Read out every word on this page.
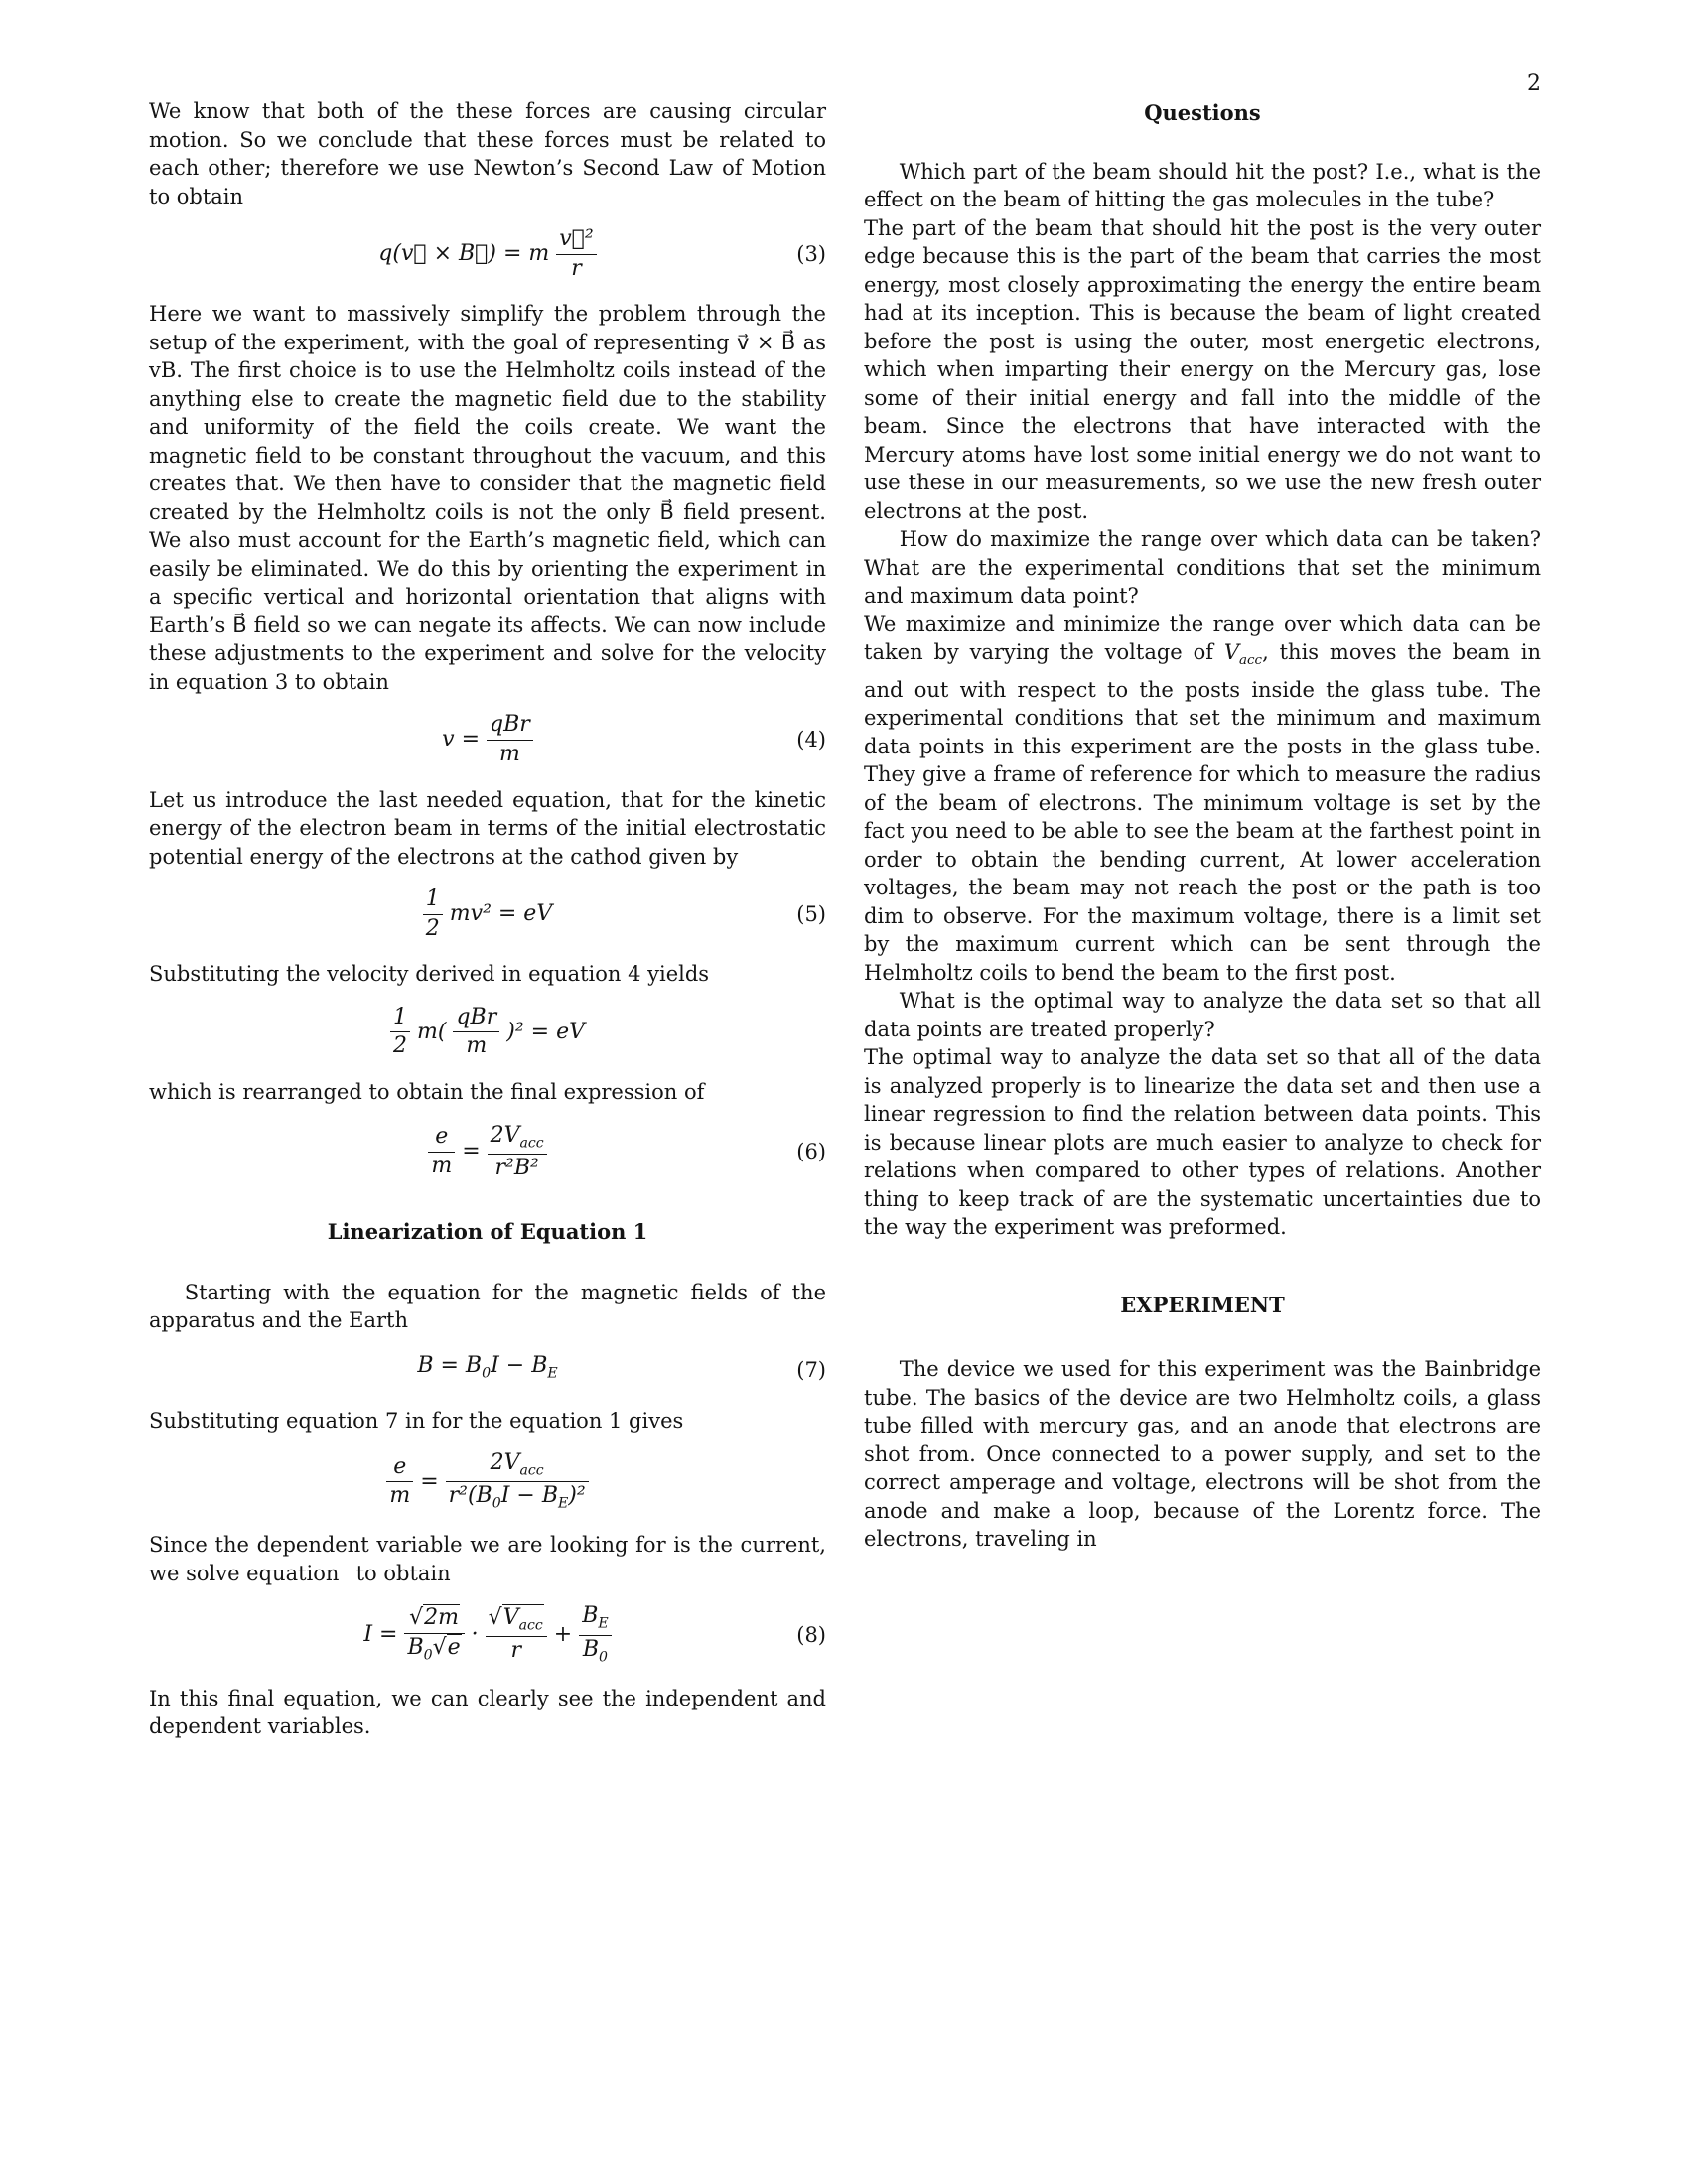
2

We know that both of the these forces are causing circular motion. So we conclude that these forces must be related to each other; therefore we use Newton’s Second Law of Motion to obtain

q(v⃗ × B⃗) = m $\frac{\text{v⃗²}}{r}$	(3)

Here we want to massively simplify the problem through the setup of the experiment, with the goal of representing v⃗ × B⃗ as vB. The first choice is to use the Helmholtz coils instead of the anything else to create the magnetic field due to the stability and uniformity of the field the coils create. We want the magnetic field to be constant throughout the vacuum, and this creates that. We then have to consider that the magnetic field created by the Helmholtz coils is not the only B⃗ field present. We also must account for the Earth’s magnetic field, which can easily be eliminated. We do this by orienting the experiment in a specific vertical and horizontal orientation that aligns with Earth’s B⃗ field so we can negate its affects. We can now include these adjustments to the experiment and solve for the velocity in equation 3 to obtain

$v = \frac{\text{qBr}}{m}$	(4)

Let us introduce the last needed equation, that for the kinetic energy of the electron beam in terms of the initial electrostatic potential energy of the electrons at the cathod given by

$\frac{1}{2} mv^2$ = eV	(5)

Substituting the velocity derived in equation 4 yields

$\frac{1}{2} m( \frac{\text{qBr}}{m} )^2$ = eV

which is rearranged to obtain the final expression of

$\frac{e}{m} = \frac{2V_{acc}}{\text{r²B²}}$	(6)

Linearization of Equation 1

Starting with the equation for the magnetic fields of the apparatus and the Earth

$B = B_0I - B_E$	(7)

Substituting equation 7 in for the equation 1 gives

$\frac{e}{m} = \frac{2V_{acc}}{r^2(B_0I - B_E)^2}$

Since the dependent variable we are looking for is the current, we solve equation  to obtain

$I = \frac{√2m}{B_0√e} \cdot \frac{√V_{acc}}{r} + \frac{B_E}{B_0}$	(8)

In this final equation, we can clearly see the independent and dependent variables.

Questions

Which part of the beam should hit the post? I.e., what is the effect on the beam of hitting the gas molecules in the tube?

The part of the beam that should hit the post is the very outer edge because this is the part of the beam that carries the most energy, most closely approximating the energy the entire beam had at its inception. This is because the beam of light created before the post is using the outer, most energetic electrons, which when imparting their energy on the Mercury gas, lose some of their initial energy and fall into the middle of the beam. Since the electrons that have interacted with the Mercury atoms have lost some initial energy we do not want to use these in our measurements, so we use the new fresh outer electrons at the post.

How do maximize the range over which data can be taken? What are the experimental conditions that set the minimum and maximum data point?

We maximize and minimize the range over which data can be taken by varying the voltage of $V_{acc}$, this moves the beam in and out with respect to the posts inside the glass tube. The experimental conditions that set the minimum and maximum data points in this experiment are the posts in the glass tube. They give a frame of reference for which to measure the radius of the beam of electrons. The minimum voltage is set by the fact you need to be able to see the beam at the farthest point in order to obtain the bending current, At lower acceleration voltages, the beam may not reach the post or the path is too dim to observe. For the maximum voltage, there is a limit set by the maximum current which can be sent through the Helmholtz coils to bend the beam to the first post.

What is the optimal way to analyze the data set so that all data points are treated properly?

The optimal way to analyze the data set so that all of the data is analyzed properly is to linearize the data set and then use a linear regression to find the relation between data points. This is because linear plots are much easier to analyze to check for relations when compared to other types of relations. Another thing to keep track of are the systematic uncertainties due to the way the experiment was preformed.

EXPERIMENT

The device we used for this experiment was the Bainbridge tube. The basics of the device are two Helmholtz coils, a glass tube filled with mercury gas, and an anode that electrons are shot from. Once connected to a power supply, and set to the correct amperage and voltage, electrons will be shot from the anode and make a loop, because of the Lorentz force. The electrons, traveling in
